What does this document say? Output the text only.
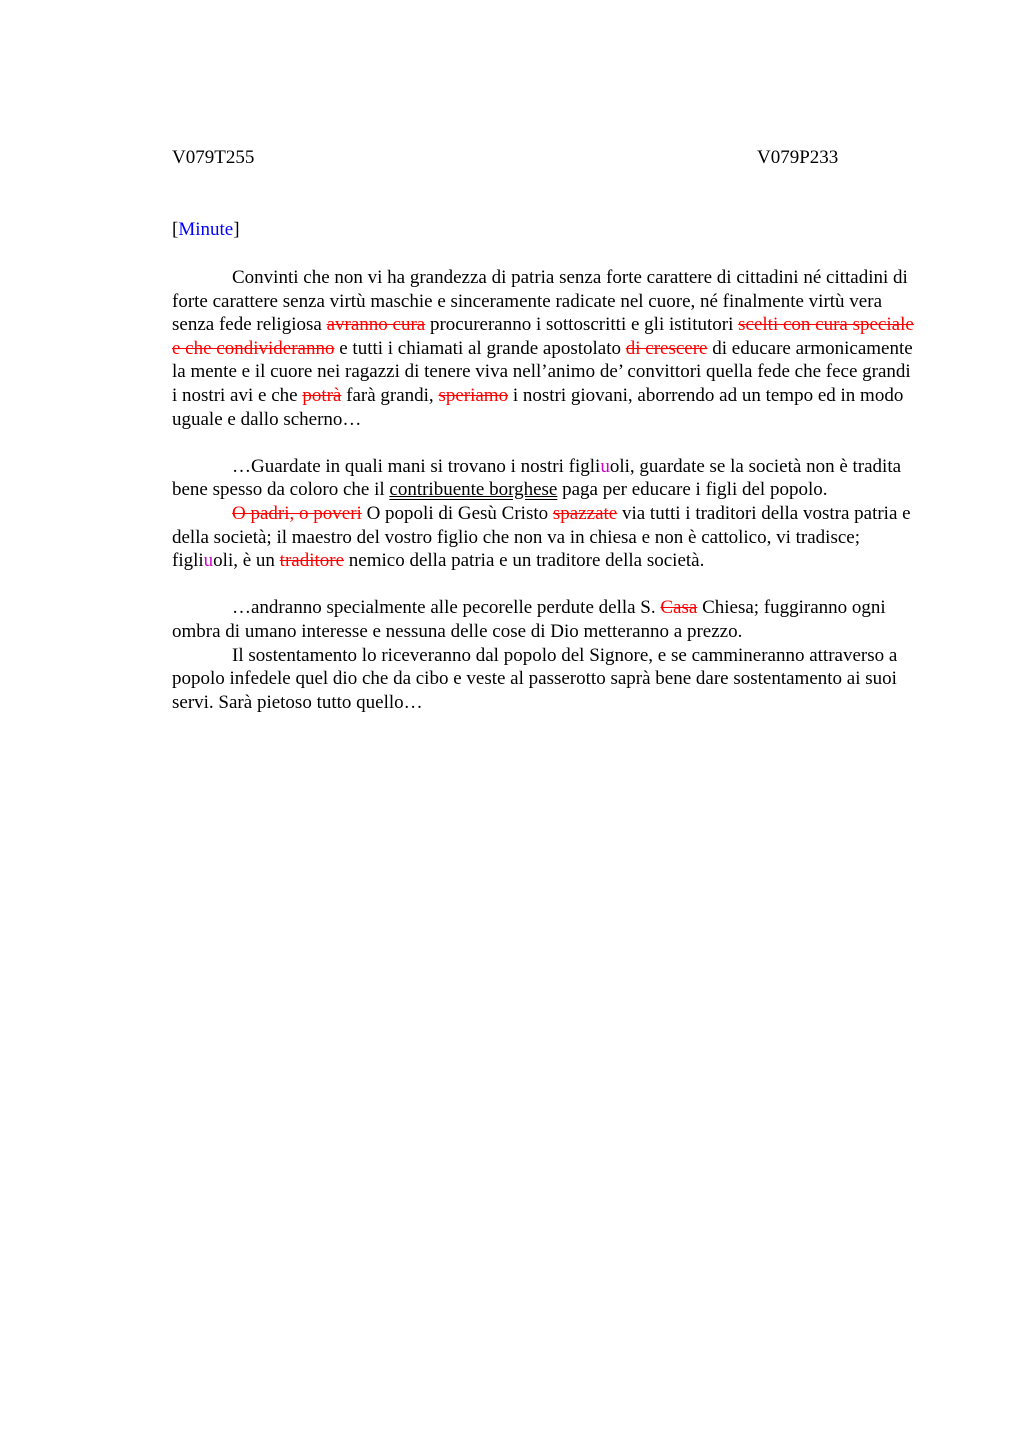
V079T255	V079P233
[Minute]

Convinti che non vi ha grandezza di patria senza forte carattere di cittadini né cittadini di forte carattere senza virtù maschie e sinceramente radicate nel cuore, né finalmente virtù vera senza fede religiosa avranno cura procureranno i sottoscritti e gli istitutori scelti con cura speciale e che condivideranno e tutti i chiamati al grande apostolato di crescere di educare armonicamente la mente e il cuore nei ragazzi di tenere viva nell’animo de’ convittori quella fede che fece grandi i nostri avi e che potrà farà grandi, speriamo i nostri giovani, aborrendo ad un tempo ed in modo uguale e dallo scherno…

…Guardate in quali mani si trovano i nostri figliuoli, guardate se la società non è tradita bene spesso da coloro che il contribuente borghese paga per educare i figli del popolo.

O padri, o poveri O popoli di Gesù Cristo spazzate via tutti i traditori della vostra patria e della società; il maestro del vostro figlio che non va in chiesa e non è cattolico, vi tradisce; figliuoli, è un traditore nemico della patria e un traditore della società.

…andranno specialmente alle pecorelle perdute della S. Casa Chiesa; fuggiranno ogni ombra di umano interesse e nessuna delle cose di Dio metteranno a prezzo.

Il sostentamento lo riceveranno dal popolo del Signore, e se cammineranno attraverso a popolo infedele quel dio che da cibo e veste al passerotto saprà bene dare sostentamento ai suoi servi. Sarà pietoso tutto quello…
